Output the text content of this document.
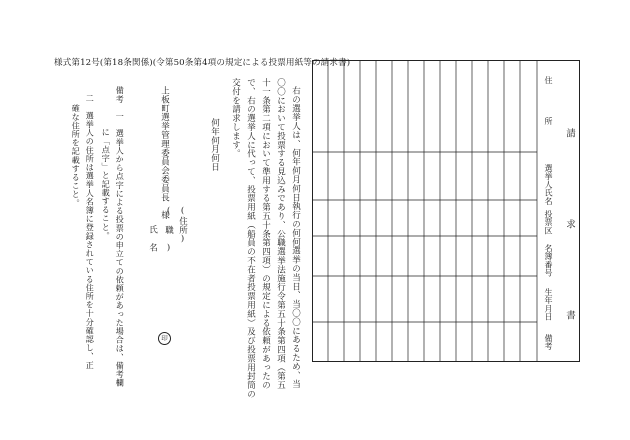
様式第12号(第18条関係)(令第50条第4項の規定による投票用紙等の請求書)
右の選挙人は、何年何月何日執行の何何選挙の当日、当〇〇にあるため、当
〇〇において投票する見込みであり、公職選挙法施行令第五十条第四項（第五
十一条第二項において準用する第五十条第四項）の規定による依頼があったの
で、右の選挙人に代って、投票用紙（船員の不在者投票用紙）及び投票用封筒の
交付を請求します。
何年何月何日
上板町選挙管理委員会委員長　様
(住所)
(　職　)
氏　名
印
備考　一　選挙人から点字による投票の申立ての依頼があった場合は、備考欄
に「点字」と記載すること。
二　選挙人の住所は選挙人名簿に登録されている住所を十分確認し、正
確な住所を記載すること。
住　　　　所
選挙人氏名
投票区
名簿番号
生年月日
備考 請　求　書
